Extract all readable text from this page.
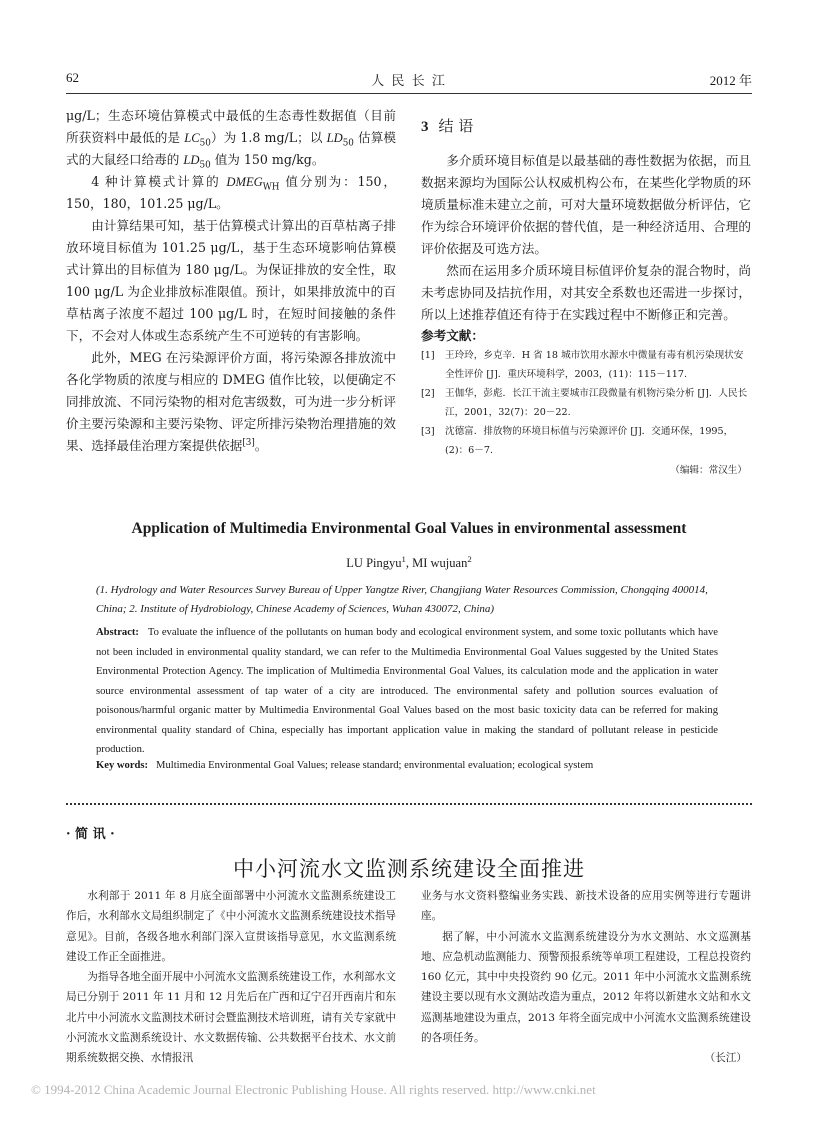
62	人 民 长 江	2012 年

μg/L；生态环境估算模式中最低的生态毒性数据值（目前所获资料中最低的是 $LC_{50}$）为 1.8 mg/L；以 $LD_{50}$ 估算模式的大鼠经口给毒的 $LD_{50}$ 值为 150 mg/kg。

4 种计算模式计算的 $DMEG_{WH}$ 值分别为：150，150，180，101.25 μg/L。

由计算结果可知，基于估算模式计算出的百草枯离子排放环境目标值为 101.25 μg/L，基于生态环境影响估算模式计算出的目标值为 180 μg/L。为保证排放的安全性，取 100 μg/L 为企业排放标准限值。预计，如果排放流中的百草枯离子浓度不超过 100 μg/L 时，在短时间接触的条件下，不会对人体或生态系统产生不可逆转的有害影响。

此外，MEG 在污染源评价方面，将污染源各排放流中各化学物质的浓度与相应的 DMEG 值作比较，以便确定不同排放流、不同污染物的相对危害级数，可为进一步分析评价主要污染源和主要污染物、评定所排污染物治理措施的效果、选择最佳治理方案提供依据[3]。

3 结 语

多介质环境目标值是以最基础的毒性数据为依据，而且数据来源均为国际公认权威机构公布，在某些化学物质的环境质量标准未建立之前，可对大量环境数据做分析评估，它作为综合环境评价依据的替代值，是一种经济适用、合理的评价依据及可选方法。

然而在运用多介质环境目标值评价复杂的混合物时，尚未考虑协同及拮抗作用，对其安全系数也还需进一步探讨，所以上述推荐值还有待于在实践过程中不断修正和完善。

参考文献：
[1] 王玲玲，乡克辛．H 省 18 城市饮用水源水中微量有毒有机污染现状安全性评价 [J]．重庆环境科学，2003，(11)：115－117.
[2] 王伽华，彭彪．长江干流主要城市江段微量有机物污染分析 [J]．人民长江，2001，32(7)：20－22.
[3] 沈德富．排放物的环境目标值与污染源评价 [J]．交通环保，1995，(2)：6－7.
（编辑：常汉生）
Application of Multimedia Environmental Goal Values in environmental assessment
LU Pingyu$^1$, MI wujuan$^2$
(1. Hydrology and Water Resources Survey Bureau of Upper Yangtze River, Changjiang Water Resources Commission, Chongqing 400014, China; 2. Institute of Hydrobiology, Chinese Academy of Sciences, Wuhan 430072, China)
Abstract: To evaluate the influence of the pollutants on human body and ecological environment system, and some toxic pollutants which have not been included in environmental quality standard, we can refer to the Multimedia Environmental Goal Values suggested by the United States Environmental Protection Agency. The implication of Multimedia Environmental Goal Values, its calculation mode and the application in water source environmental assessment of tap water of a city are introduced. The environmental safety and pollution sources evaluation of poisonous/harmful organic matter by Multimedia Environmental Goal Values based on the most basic toxicity data can be referred for making environmental quality standard of China, especially has important application value in making the standard of pollutant release in pesticide production.
Key words: Multimedia Environmental Goal Values; release standard; environmental evaluation; ecological system
· 简 讯 ·
中小河流水文监测系统建设全面推进

水利部于 2011 年 8 月底全面部署中小河流水文监测系统建设工作后，水利部水文局组织制定了《中小河流水文监测系统建设技术指导意见》。目前，各级各地水利部门深入宣贯该指导意见，水文监测系统建设工作正全面推进。

为指导各地全面开展中小河流水文监测系统建设工作，水利部水文局已分别于 2011 年 11 月和 12 月先后在广西和辽宁召开西南片和东北片中小河流水文监测技术研讨会暨监测技术培训班，请有关专家就中小河流水文监测系统设计、水文数据传输、公共数据平台技术、水文前期系统数据交换、水情报汛

业务与水文资料整编业务实践、新技术设备的应用实例等进行专题讲座。

据了解，中小河流水文监测系统建设分为水文测站、水文巡测基地、应急机动监测能力、预警预报系统等单项工程建设，工程总投资约 160 亿元，其中中央投资约 90 亿元。2011 年中小河流水文监测系统建设主要以现有水文测站改造为重点，2012 年将以新建水文站和水文巡测基地建设为重点，2013 年将全面完成中小河流水文监测系统建设的各项任务。

（长江）

© 1994-2012 China Academic Journal Electronic Publishing House. All rights reserved. http://www.cnki.net
